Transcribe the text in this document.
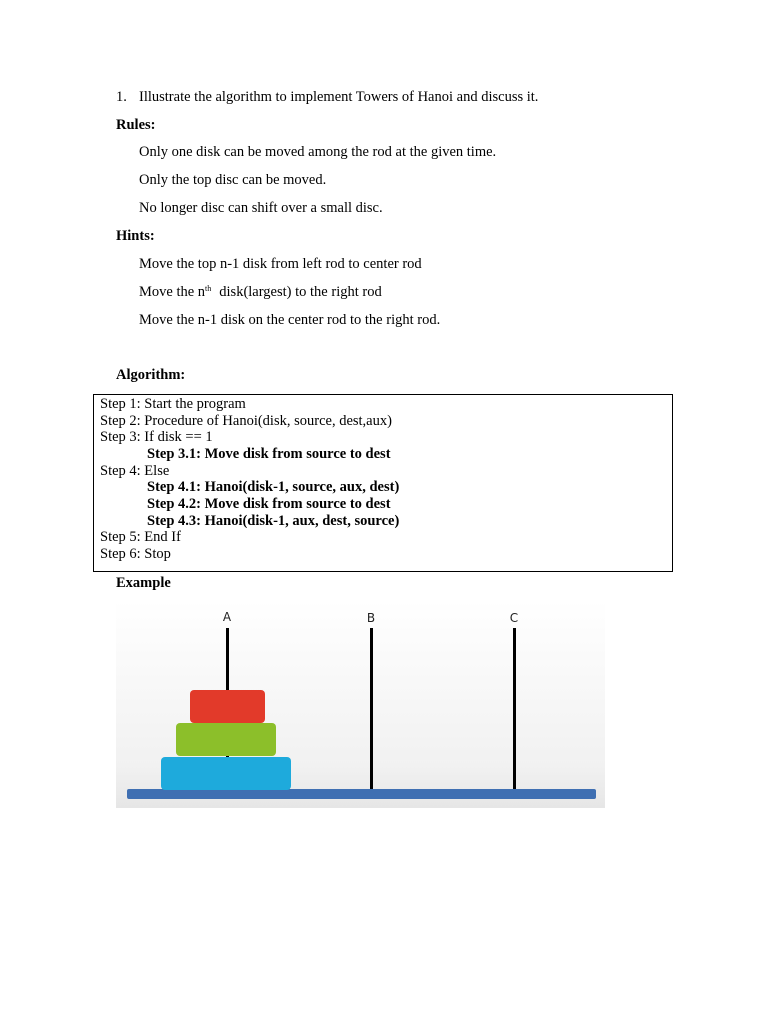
1. Illustrate the algorithm to implement Towers of Hanoi and discuss it.
Rules:
Only one disk can be moved among the rod at the given time.
Only the top disc can be moved.
No longer disc can shift over a small disc.
Hints:
Move the top n-1 disk from left rod to center rod
Move the $n^{th}$ disk(largest) to the right rod
Move the n-1 disk on the center rod to the right rod.
Algorithm:
Step 1: Start the program
Step 2: Procedure of Hanoi(disk, source, dest,aux)
Step 3: If disk == 1
Step 3.1: Move disk from source to dest
Step 4: Else
Step 4.1: Hanoi(disk-1, source, aux, dest)
Step 4.2: Move disk from source to dest
Step 4.3: Hanoi(disk-1, aux, dest, source)
Step 5: End If
Step 6: Stop
Example
A	B	C
